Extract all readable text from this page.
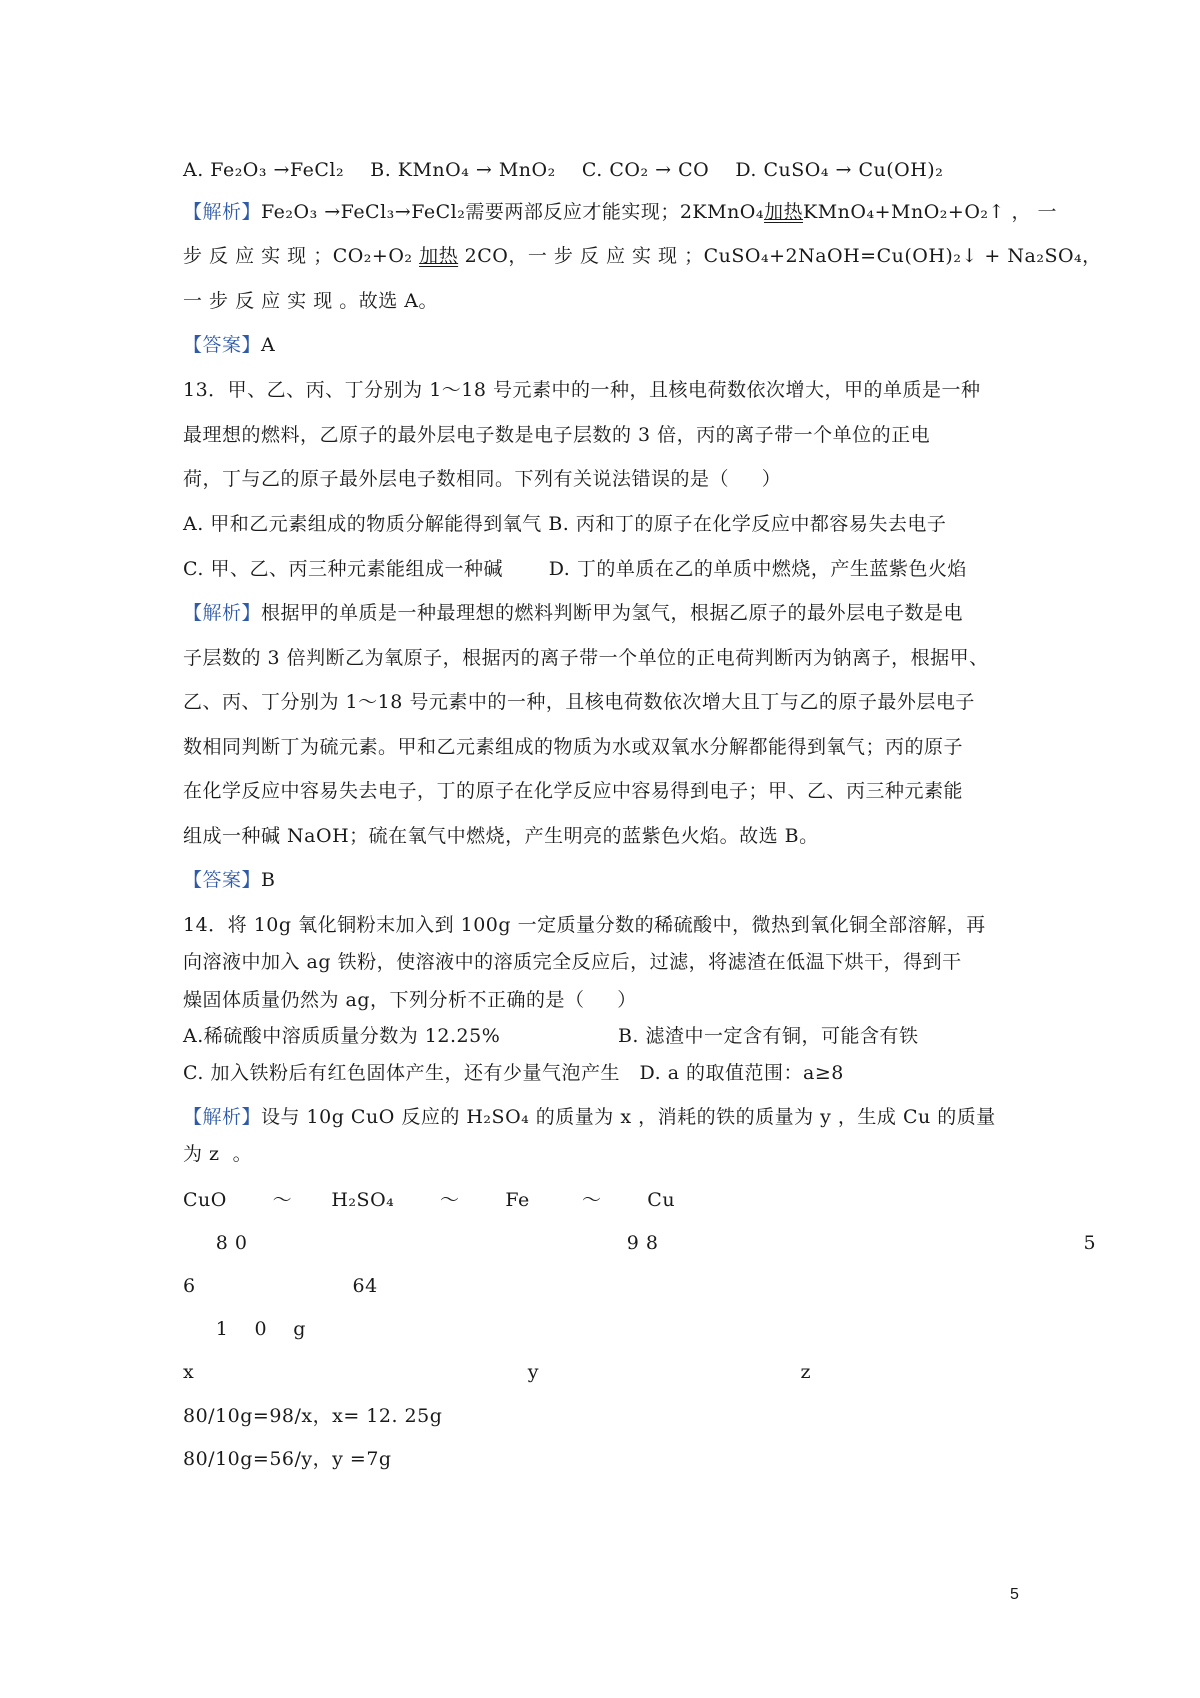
A. Fe₂O₃ →FeCl₂    B. KMnO₄ → MnO₂    C. CO₂ → CO    D. CuSO₄ → Cu(OH)₂
【解析】Fe₂O₃ →FeCl₃→FeCl₂需要两部反应才能实现；2KMnO₄加热KMnO₄+MnO₂+O₂↑ ， 一
步 反 应 实 现 ；CO₂+O₂ 加热 2CO，一 步 反 应 实 现 ；CuSO₄+2NaOH=Cu(OH)₂↓ + Na₂SO₄，
一 步 反 应 实 现 。故选 A。
【答案】A
13．甲、乙、丙、丁分别为 1～18 号元素中的一种，且核电荷数依次增大，甲的单质是一种
最理想的燃料，乙原子的最外层电子数是电子层数的 3 倍，丙的离子带一个单位的正电
荷，丁与乙的原子最外层电子数相同。下列有关说法错误的是（     ）
A. 甲和乙元素组成的物质分解能得到氧气 B. 丙和丁的原子在化学反应中都容易失去电子
C. 甲、乙、丙三种元素能组成一种碱       D. 丁的单质在乙的单质中燃烧，产生蓝紫色火焰
【解析】根据甲的单质是一种最理想的燃料判断甲为氢气，根据乙原子的最外层电子数是电
子层数的 3 倍判断乙为氧原子，根据丙的离子带一个单位的正电荷判断丙为钠离子，根据甲、
乙、丙、丁分别为 1～18 号元素中的一种，且核电荷数依次增大且丁与乙的原子最外层电子
数相同判断丁为硫元素。甲和乙元素组成的物质为水或双氧水分解都能得到氧气；丙的原子
在化学反应中容易失去电子，丁的原子在化学反应中容易得到电子；甲、乙、丙三种元素能
组成一种碱 NaOH；硫在氧气中燃烧，产生明亮的蓝紫色火焰。故选 B。
【答案】B
14．将 10g 氧化铜粉末加入到 100g 一定质量分数的稀硫酸中，微热到氧化铜全部溶解，再
向溶液中加入 ag 铁粉，使溶液中的溶质完全反应后，过滤，将滤渣在低温下烘干，得到干
燥固体质量仍然为 ag，下列分析不正确的是（     ）
A.稀硫酸中溶质质量分数为 12.25%                  B. 滤渣中一定含有铜，可能含有铁
C. 加入铁粉后有红色固体产生，还有少量气泡产生   D. a 的取值范围：a≥8
【解析】设与 10g CuO 反应的 H₂SO₄ 的质量为 x ，消耗的铁的质量为 y ，生成 Cu 的质量
为 z  。
CuO       ～      H₂SO₄       ～       Fe        ～       Cu
8 0                                                          9 8                                                                 5
6                        64
1    0    g
x                                                   y                                        z
80/10g=98/x，x= 12. 25g
80/10g=56/y，y =7g
5
